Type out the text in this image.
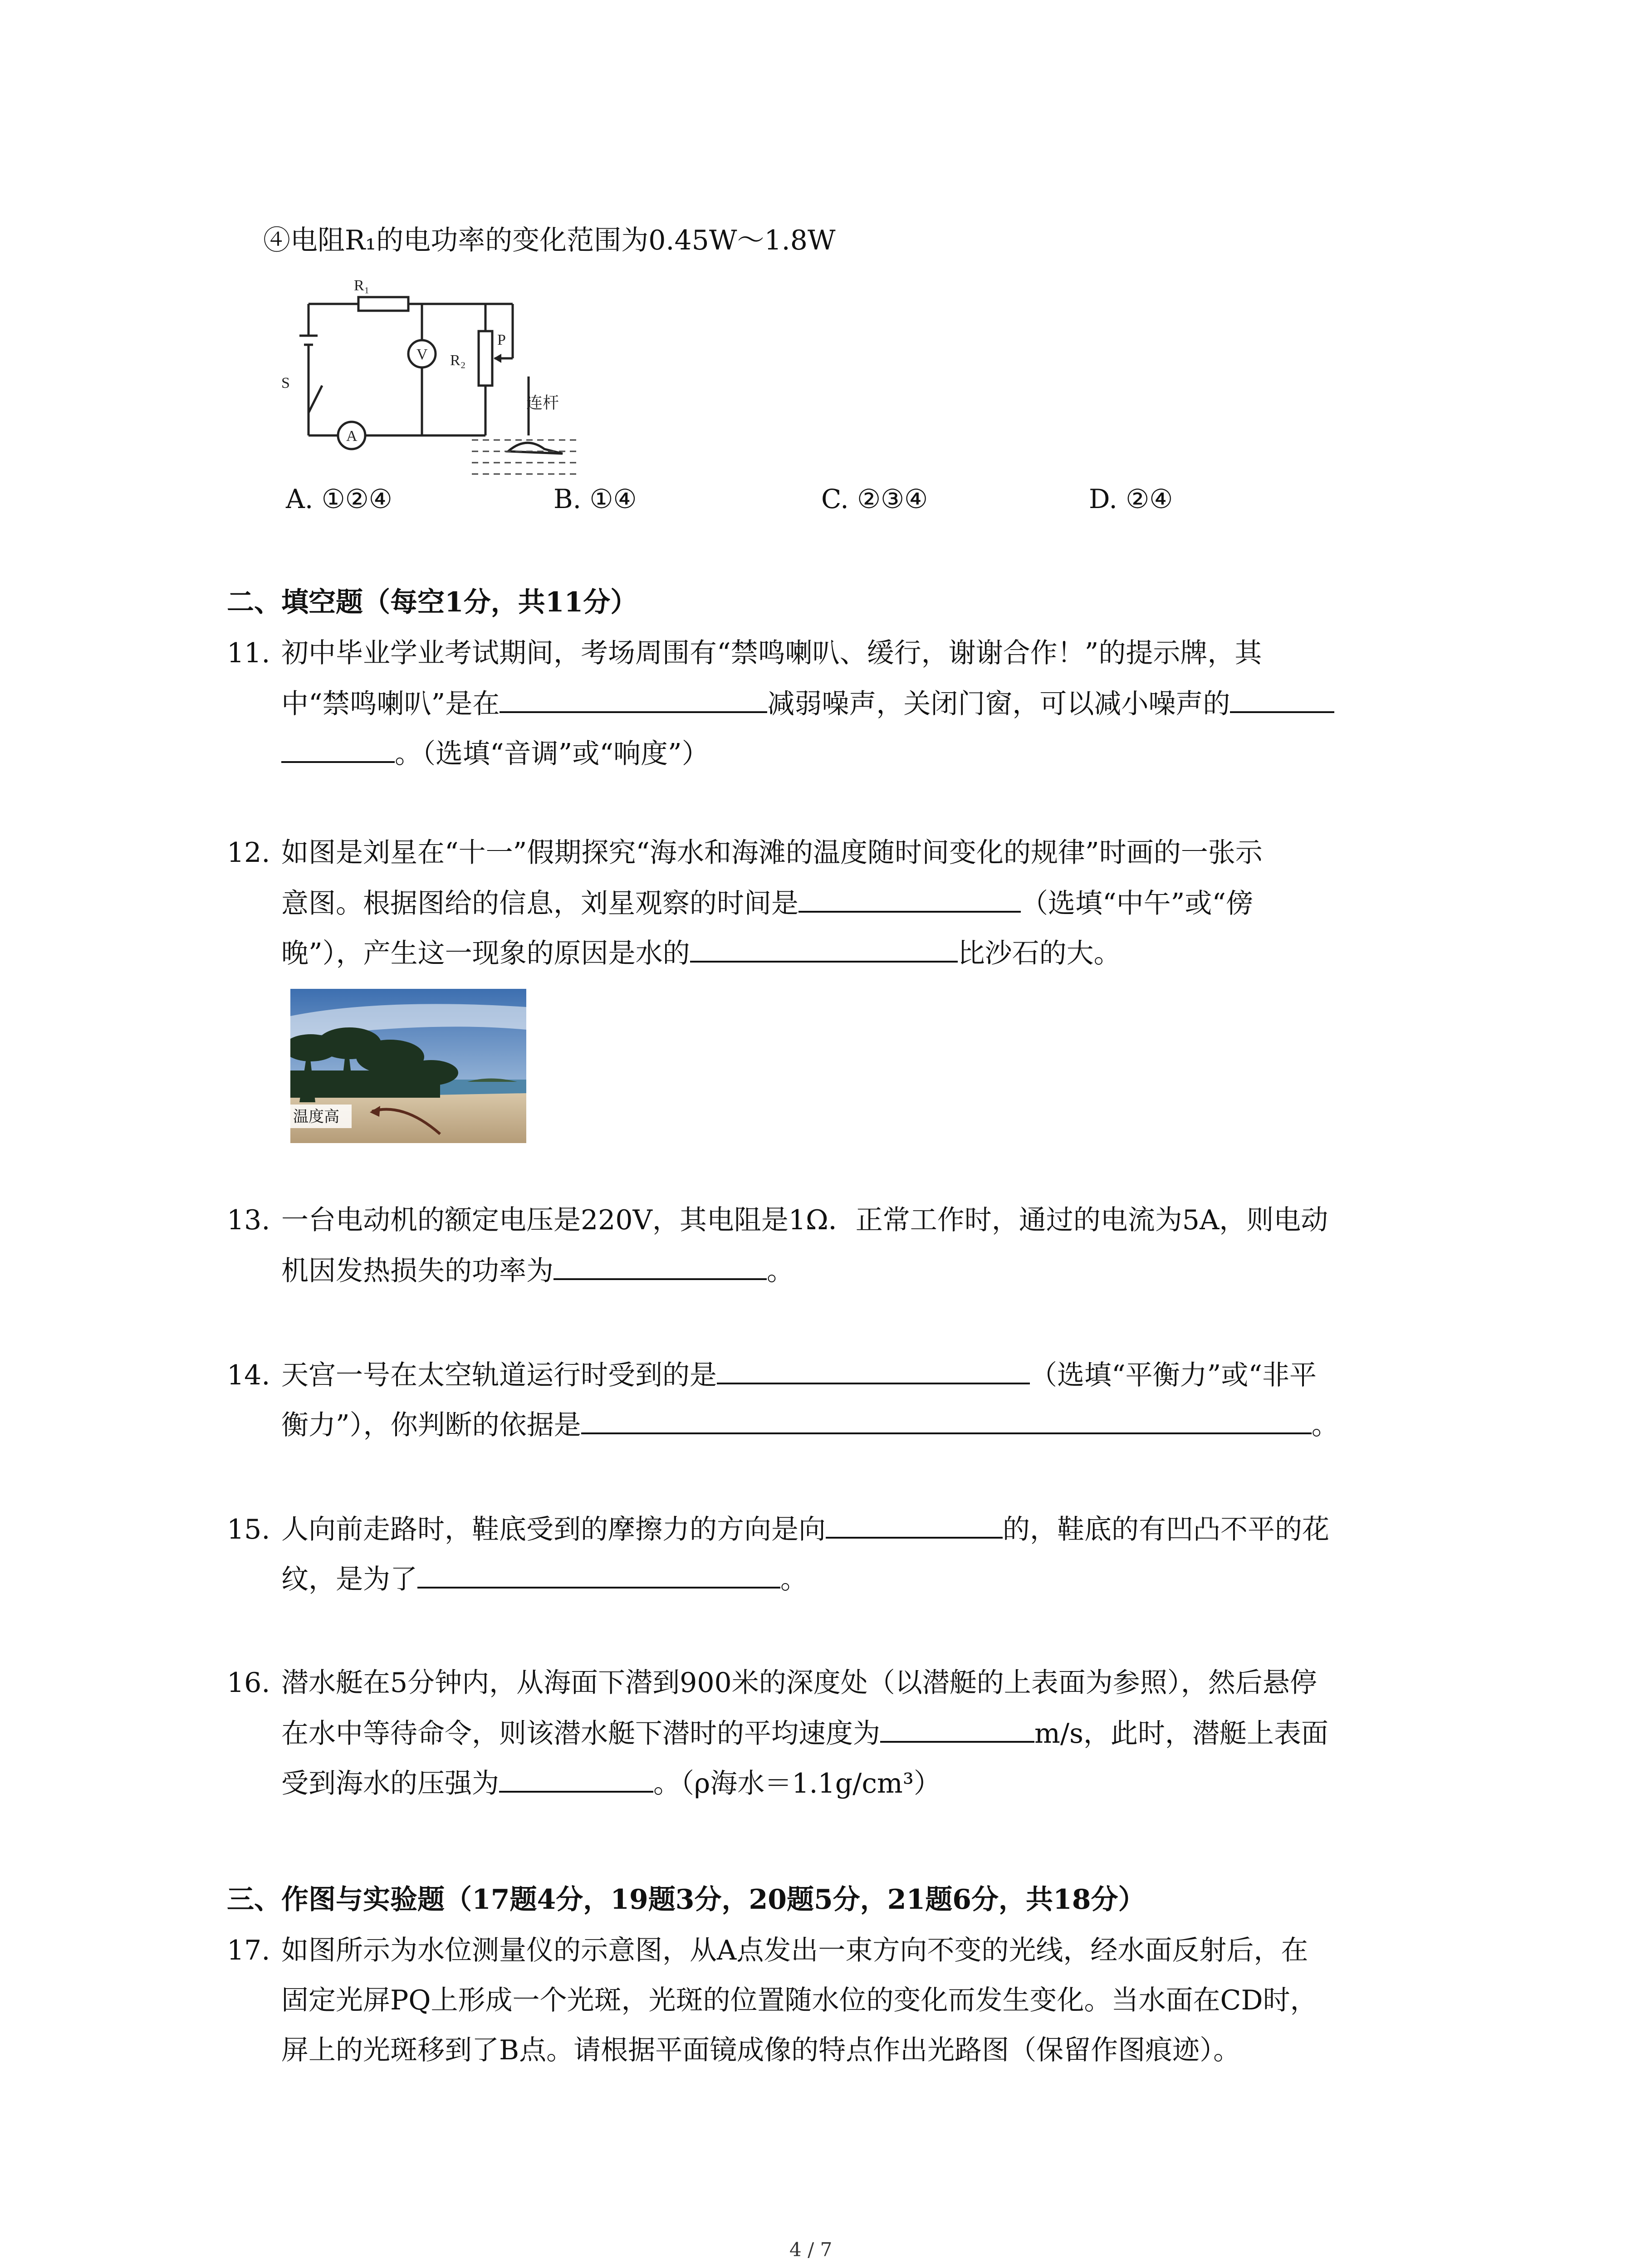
④电阻R₁的电功率的变化范围为0.45W～1.8W
R₁
S
V
A
R₂
P
连杆
A. ①②④	B. ①④	C. ②③④	D. ②④
二、填空题（每空1分，共11分）
11. 初中毕业学业考试期间，考场周围有“禁鸣喇叭、缓行，谢谢合作！”的提示牌，其
中“禁鸣喇叭”是在	减弱噪声，关闭门窗，可以减小噪声的
。（选填“音调”或“响度”）
12. 如图是刘星在“十一”假期探究“海水和海滩的温度随时间变化的规律”时画的一张示
意图。根据图给的信息，刘星观察的时间是	（选填“中午”或“傍
晚”），产生这一现象的原因是水的	比沙石的大。
温度高
13. 一台电动机的额定电压是220V，其电阻是1Ω．正常工作时，通过的电流为5A，则电动
机因发热损失的功率为	。
14. 天宫一号在太空轨道运行时受到的是	（选填“平衡力”或“非平
衡力”），你判断的依据是	。
15. 人向前走路时，鞋底受到的摩擦力的方向是向	的，鞋底的有凹凸不平的花
纹，是为了	。
16. 潜水艇在5分钟内，从海面下潜到900米的深度处（以潜艇的上表面为参照），然后悬停
在水中等待命令，则该潜水艇下潜时的平均速度为	m/s，此时，潜艇上表面
受到海水的压强为	。（ρ海水＝1.1g/cm³）
三、作图与实验题（17题4分，19题3分，20题5分，21题6分，共18分）
17. 如图所示为水位测量仪的示意图，从A点发出一束方向不变的光线，经水面反射后，在
固定光屏PQ上形成一个光斑，光斑的位置随水位的变化而发生变化。当水面在CD时，
屏上的光斑移到了B点。请根据平面镜成像的特点作出光路图（保留作图痕迹）。
4 / 7
